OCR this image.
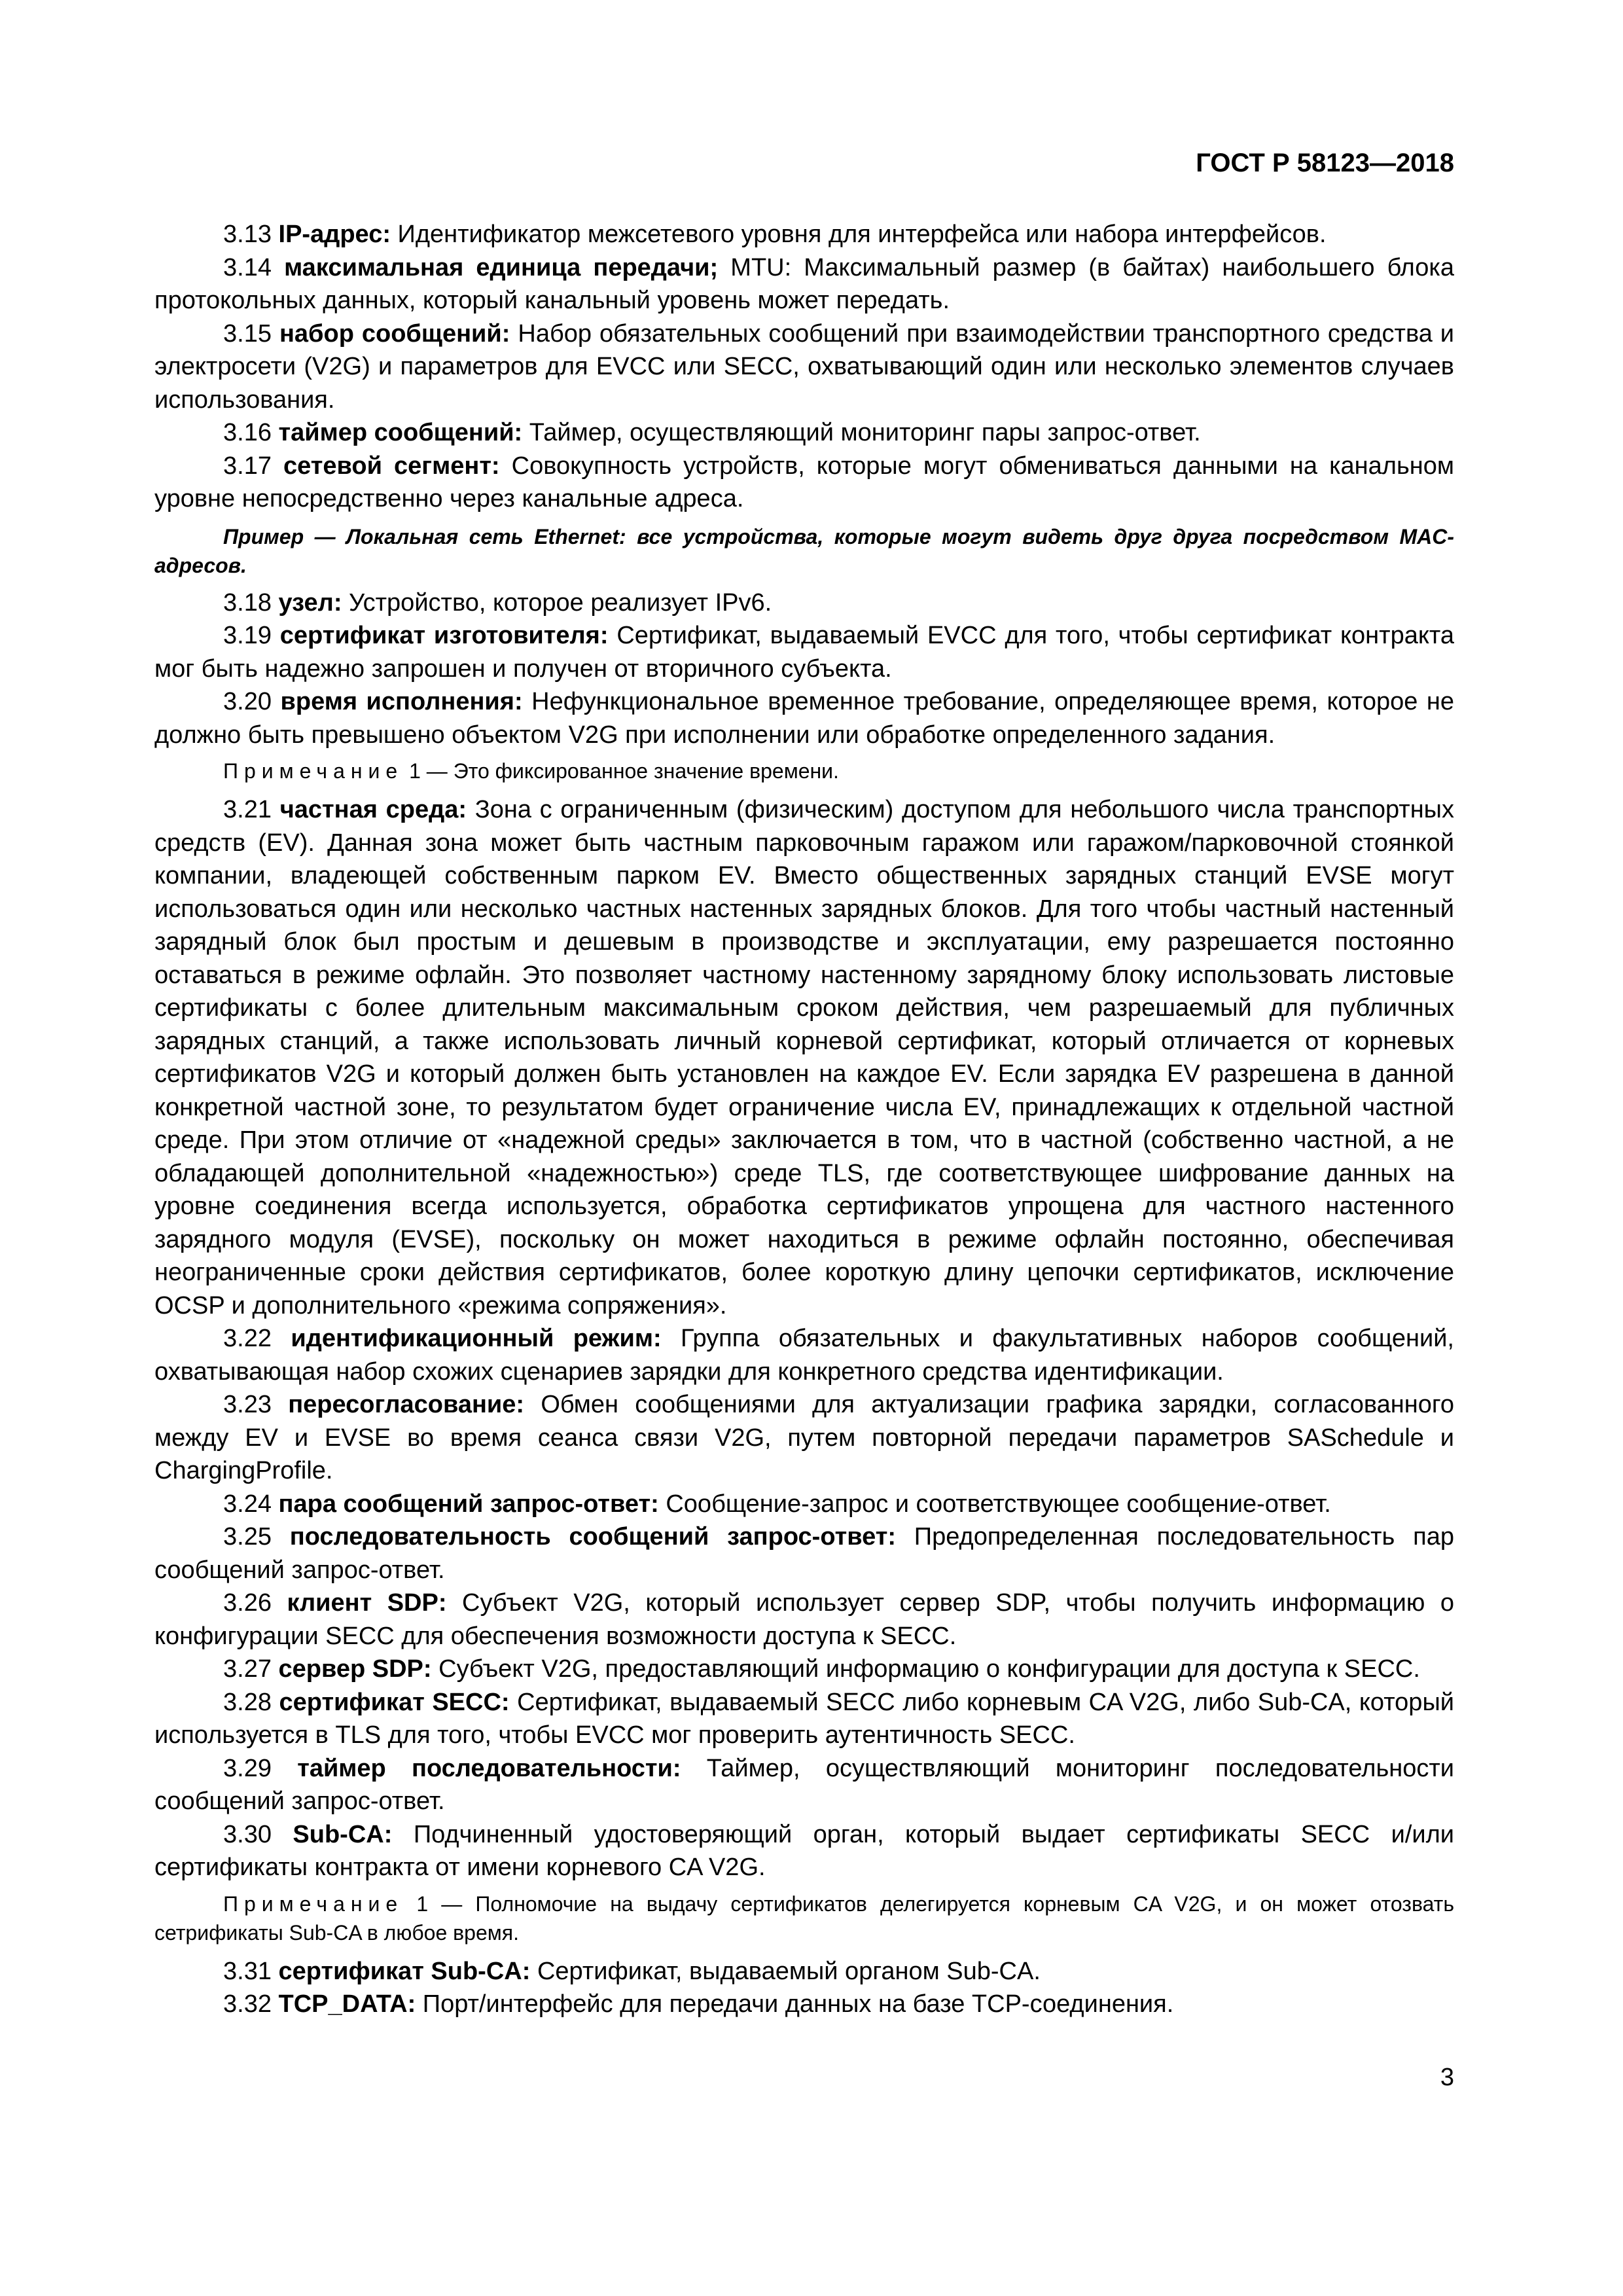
ГОСТ Р 58123—2018

3.13 IP-адрес: Идентификатор межсетевого уровня для интерфейса или набора интерфейсов.

3.14 максимальная единица передачи; MTU: Максимальный размер (в байтах) наибольшего блока протокольных данных, который канальный уровень может передать.

3.15 набор сообщений: Набор обязательных сообщений при взаимодействии транспортного средства и электросети (V2G) и параметров для EVCC или SECC, охватывающий один или несколько элементов случаев использования.

3.16 таймер сообщений: Таймер, осуществляющий мониторинг пары запрос-ответ.

3.17 сетевой сегмент: Совокупность устройств, которые могут обмениваться данными на канальном уровне непосредственно через канальные адреса.

Пример — Локальная сеть Ethernet: все устройства, которые могут видеть друг друга посредством MAC-адресов.

3.18 узел: Устройство, которое реализует IPv6.

3.19 сертификат изготовителя: Сертификат, выдаваемый EVCC для того, чтобы сертификат контракта мог быть надежно запрошен и получен от вторичного субъекта.

3.20 время исполнения: Нефункциональное временное требование, определяющее время, которое не должно быть превышено объектом V2G при исполнении или обработке определенного задания.

Примечание 1 — Это фиксированное значение времени.

3.21 частная среда: Зона с ограниченным (физическим) доступом для небольшого числа транспортных средств (EV). Данная зона может быть частным парковочным гаражом или гаражом/парковочной стоянкой компании, владеющей собственным парком EV. Вместо общественных зарядных станций EVSE могут использоваться один или несколько частных настенных зарядных блоков. Для того чтобы частный настенный зарядный блок был простым и дешевым в производстве и эксплуатации, ему разрешается постоянно оставаться в режиме офлайн. Это позволяет частному настенному зарядному блоку использовать листовые сертификаты с более длительным максимальным сроком действия, чем разрешаемый для публичных зарядных станций, а также использовать личный корневой сертификат, который отличается от корневых сертификатов V2G и который должен быть установлен на каждое EV. Если зарядка EV разрешена в данной конкретной частной зоне, то результатом будет ограничение числа EV, принадлежащих к отдельной частной среде. При этом отличие от «надежной среды» заключается в том, что в частной (собственно частной, а не обладающей дополнительной «надежностью») среде TLS, где соответствующее шифрование данных на уровне соединения всегда используется, обработка сертификатов упрощена для частного настенного зарядного модуля (EVSE), поскольку он может находиться в режиме офлайн постоянно, обеспечивая неограниченные сроки действия сертификатов, более короткую длину цепочки сертификатов, исключение OCSP и дополнительного «режима сопряжения».

3.22 идентификационный режим: Группа обязательных и факультативных наборов сообщений, охватывающая набор схожих сценариев зарядки для конкретного средства идентификации.

3.23 пересогласование: Обмен сообщениями для актуализации графика зарядки, согласованного между EV и EVSE во время сеанса связи V2G, путем повторной передачи параметров SASchedule и ChargingProfile.

3.24 пара сообщений запрос-ответ: Сообщение-запрос и соответствующее сообщение-ответ.

3.25 последовательность сообщений запрос-ответ: Предопределенная последовательность пар сообщений запрос-ответ.

3.26 клиент SDP: Субъект V2G, который использует сервер SDP, чтобы получить информацию о конфигурации SECC для обеспечения возможности доступа к SECC.

3.27 сервер SDP: Субъект V2G, предоставляющий информацию о конфигурации для доступа к SECC.

3.28 сертификат SECC: Сертификат, выдаваемый SECC либо корневым CA V2G, либо Sub-CA, который используется в TLS для того, чтобы EVCC мог проверить аутентичность SECC.

3.29 таймер последовательности: Таймер, осуществляющий мониторинг последовательности сообщений запрос-ответ.

3.30 Sub-CA: Подчиненный удостоверяющий орган, который выдает сертификаты SECC и/или сертификаты контракта от имени корневого CA V2G.

Примечание 1 — Полномочие на выдачу сертификатов делегируется корневым CA V2G, и он может отозвать сетрификаты Sub-CA в любое время.

3.31 сертификат Sub-CA: Сертификат, выдаваемый органом Sub-CA.

3.32 TCP_DATA: Порт/интерфейс для передачи данных на базе TCP-соединения.

3
